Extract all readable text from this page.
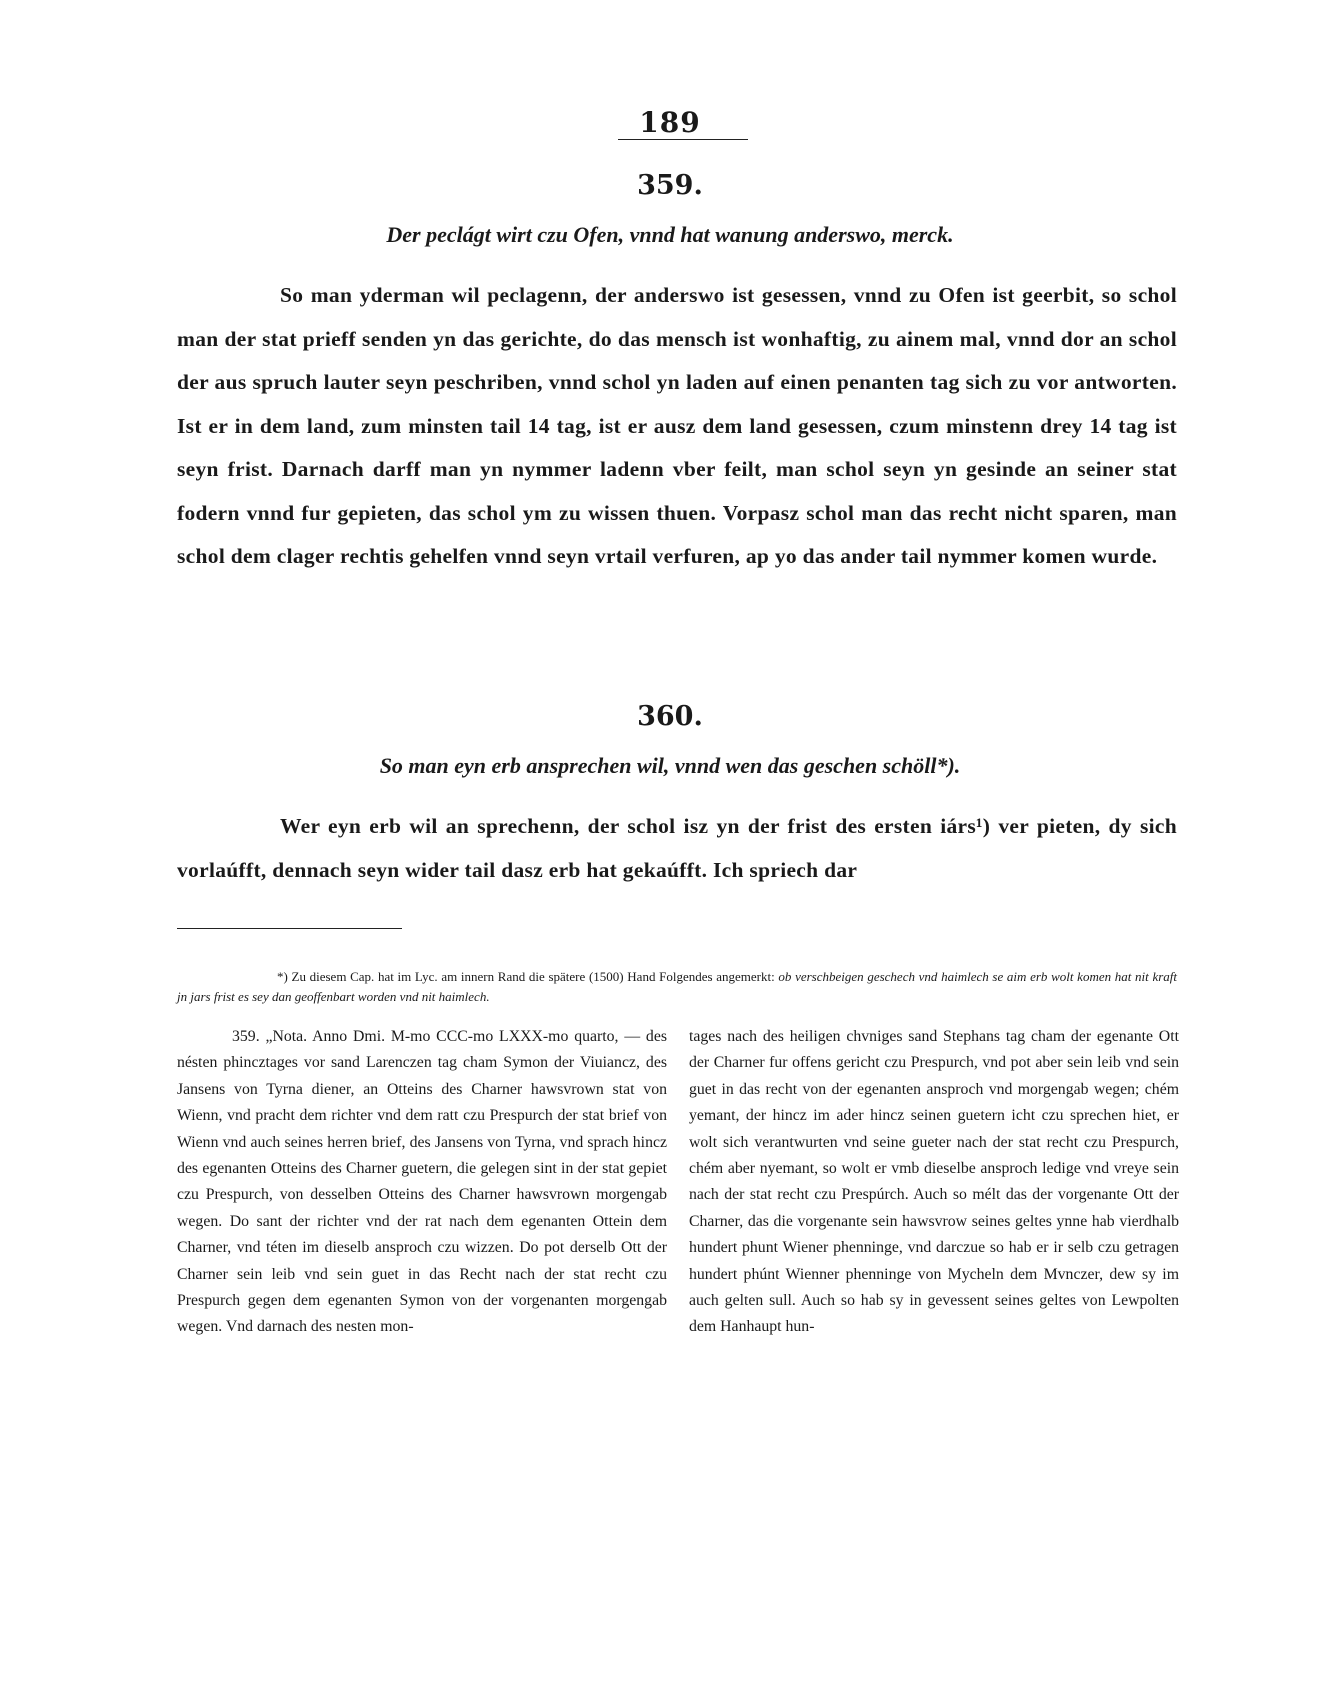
189
359.
Der peclágt wirt czu Ofen, vnnd hat wanung anderswo, merck.

So man yderman wil peclagenn, der anderswo ist gesessen, vnnd zu Ofen ist geerbit, so schol man der stat prieff senden yn das gerichte, do das mensch ist wonhaftig, zu ainem mal, vnnd dor an schol der aus spruch lauter seyn peschriben, vnnd schol yn laden auf einen penanten tag sich zu vor antworten. Ist er in dem land, zum minsten tail 14 tag, ist er ausz dem land gesessen, czum minstenn drey 14 tag ist seyn frist. Darnach darff man yn nymmer ladenn vber feilt, man schol seyn yn gesinde an seiner stat fodern vnnd fur gepieten, das schol ym zu wissen thuen. Vorpasz schol man das recht nicht sparen, man schol dem clager rechtis gehelfen vnnd seyn vrtail verfuren, ap yo das ander tail nymmer komen wurde.

360.
So man eyn erb ansprechen wil, vnnd wen das geschen schöll*).

Wer eyn erb wil an sprechenn, der schol isz yn der frist des ersten iárs¹) ver pieten, dy sich vorlaúfft, dennach seyn wider tail dasz erb hat gekaúfft. Ich spriech dar

*) Zu diesem Cap. hat im Lyc. am innern Rand die spätere (1500) Hand Folgendes angemerkt: ob verschbeigen geschech vnd haimlech se aim erb wolt komen hat nit kraft jn jars frist es sey dan geoffenbart worden vnd nit haimlech.

359. „Nota. Anno Dmi. M-mo CCC-mo LXXX-mo quarto, — des nésten phincztages vor sand Larenczen tag cham Symon der Viuiancz, des Jansens von Tyrna diener, an Otteins des Charner hawsvrown stat von Wienn, vnd pracht dem richter vnd dem ratt czu Prespurch der stat brief von Wienn vnd auch seines herren brief, des Jansens von Tyrna, vnd sprach hincz des egenanten Otteins des Charner guetern, die gelegen sint in der stat gepiet czu Prespurch, von desselben Otteins des Charner hawsvrown morgengab wegen. Do sant der richter vnd der rat nach dem egenanten Ottein dem Charner, vnd téten im dieselb ansproch czu wizzen. Do pot derselb Ott der Charner sein leib vnd sein guet in das Recht nach der stat recht czu Prespurch gegen dem egenanten Symon von der vorgenanten morgengab wegen. Vnd darnach des nesten mon-

tages nach des heiligen chvniges sand Stephans tag cham der egenante Ott der Charner fur offens gericht czu Prespurch, vnd pot aber sein leib vnd sein guet in das recht von der egenanten ansproch vnd morgengab wegen; chém yemant, der hincz im ader hincz seinen guetern icht czu sprechen hiet, er wolt sich verantwurten vnd seine gueter nach der stat recht czu Prespurch, chém aber nyemant, so wolt er vmb dieselbe ansproch ledige vnd vreye sein nach der stat recht czu Prespúrch. Auch so mélt das der vorgenante Ott der Charner, das die vorgenante sein hawsvrow seines geltes ynne hab vierdhalb hundert phunt Wiener phenninge, vnd darczue so hab er ir selb czu getragen hundert phúnt Wienner phenninge von Mycheln dem Mvnczer, dew sy im auch gelten sull. Auch so hab sy in gevessent seines geltes von Lewpolten dem Hanhaupt hun-
